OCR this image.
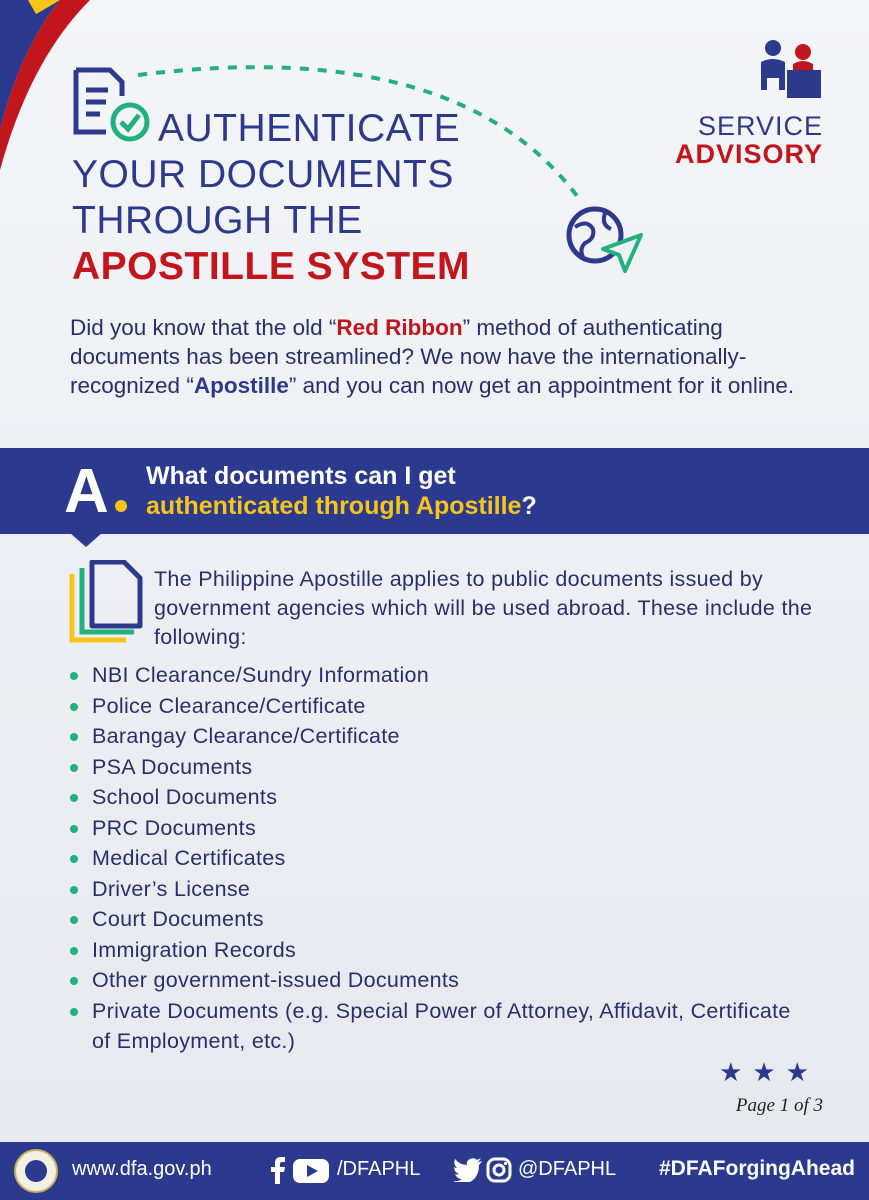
AUTHENTICATE
YOUR DOCUMENTS
THROUGH THE
APOSTILLE SYSTEM
SERVICE
ADVISORY

Did you know that the old “Red Ribbon” method of authenticating documents has been streamlined? We now have the internationally-recognized “Apostille” and you can now get an appointment for it online.

A What documents can I get
authenticated through Apostille?

The Philippine Apostille applies to public documents issued by government agencies which will be used abroad. These include the following:

NBI Clearance/Sundry Information
Police Clearance/Certificate
Barangay Clearance/Certificate
PSA Documents
School Documents
PRC Documents
Medical Certificates
Driver’s License
Court Documents
Immigration Records
Other government-issued Documents
Private Documents (e.g. Special Power of Attorney, Affidavit, Certificate of Employment, etc.)
★★★
Page 1 of 3
www.dfa.gov.ph	/DFAPHL	@DFAPHL #DFAForgingAhead
